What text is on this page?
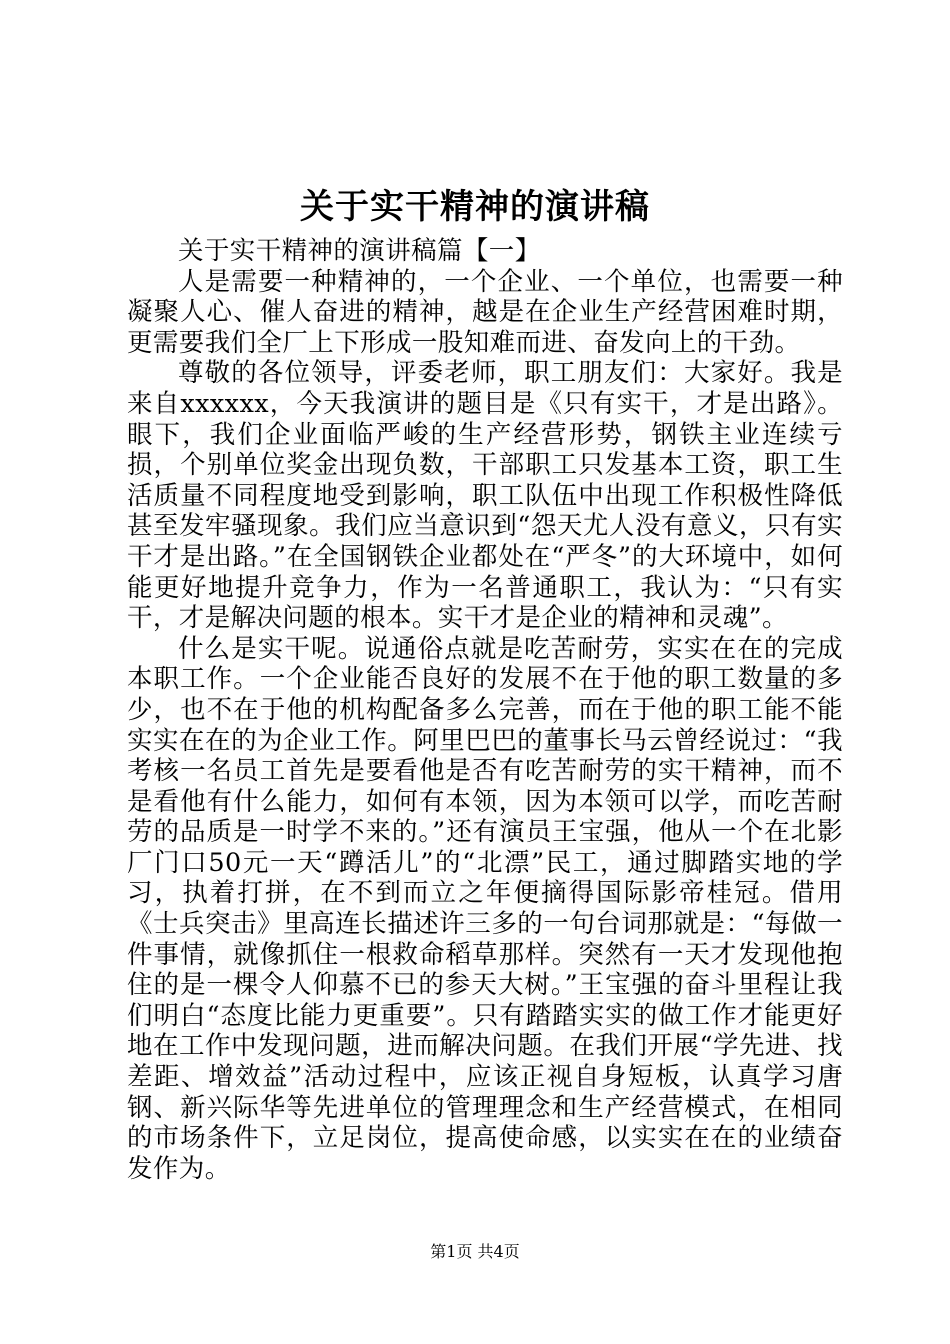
关于实干精神的演讲稿

关于实干精神的演讲稿篇【一】

人是需要一种精神的，一个企业、一个单位，也需要一种凝聚人心、催人奋进的精神，越是在企业生产经营困难时期，更需要我们全厂上下形成一股知难而进、奋发向上的干劲。

尊敬的各位领导，评委老师，职工朋友们：大家好。我是来自xxxxxx，今天我演讲的题目是《只有实干，才是出路》。眼下，我们企业面临严峻的生产经营形势，钢铁主业连续亏损，个别单位奖金出现负数，干部职工只发基本工资，职工生活质量不同程度地受到影响，职工队伍中出现工作积极性降低甚至发牢骚现象。我们应当意识到“怨天尤人没有意义，只有实干才是出路。”在全国钢铁企业都处在“严冬”的大环境中，如何能更好地提升竞争力，作为一名普通职工，我认为：“只有实干，才是解决问题的根本。实干才是企业的精神和灵魂”。

什么是实干呢。说通俗点就是吃苦耐劳，实实在在的完成本职工作。一个企业能否良好的发展不在于他的职工数量的多少，也不在于他的机构配备多么完善，而在于他的职工能不能实实在在的为企业工作。阿里巴巴的董事长马云曾经说过：“我考核一名员工首先是要看他是否有吃苦耐劳的实干精神，而不是看他有什么能力，如何有本领，因为本领可以学，而吃苦耐劳的品质是一时学不来的。”还有演员王宝强，他从一个在北影厂门口50元一天“蹲活儿”的“北漂”民工，通过脚踏实地的学习，执着打拼，在不到而立之年便摘得国际影帝桂冠。借用《士兵突击》里高连长描述许三多的一句台词那就是：“每做一件事情，就像抓住一根救命稻草那样。突然有一天才发现他抱住的是一棵令人仰慕不已的参天大树。”王宝强的奋斗里程让我们明白“态度比能力更重要”。只有踏踏实实的做工作才能更好地在工作中发现问题，进而解决问题。在我们开展“学先进、找差距、增效益”活动过程中，应该正视自身短板，认真学习唐钢、新兴际华等先进单位的管理理念和生产经营模式，在相同的市场条件下，立足岗位，提高使命感，以实实在在的业绩奋发作为。

第1页 共4页
